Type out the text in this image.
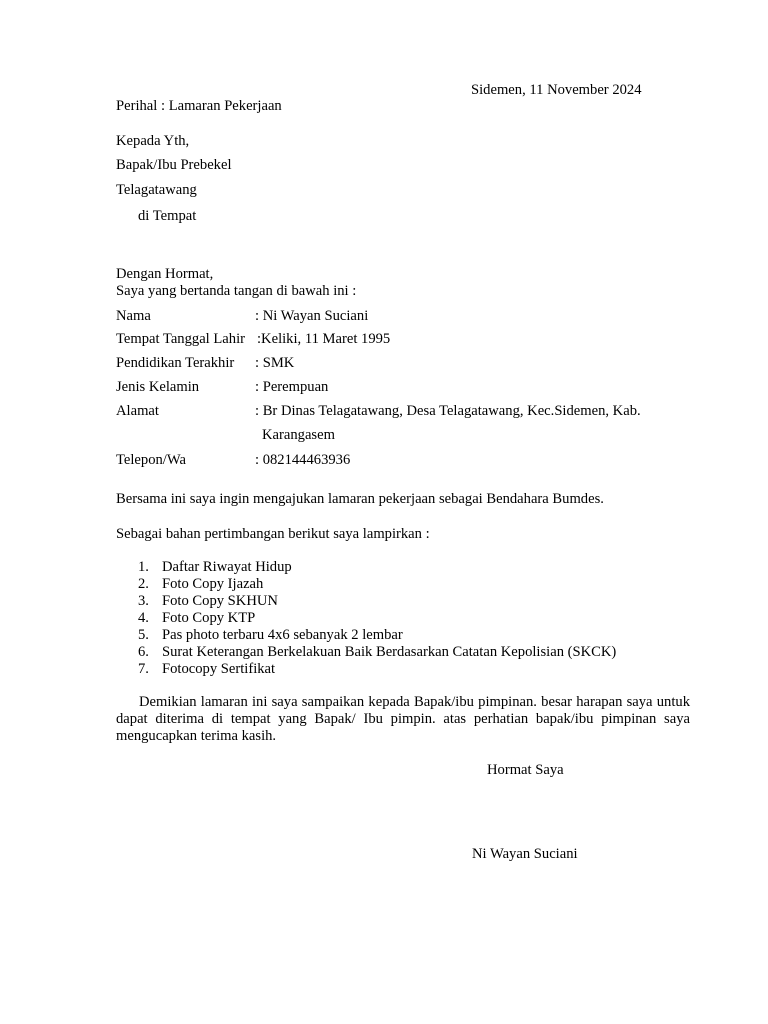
Sidemen, 11 November 2024
Perihal : Lamaran Pekerjaan
Kepada Yth,
Bapak/Ibu Prebekel
Telagatawang
di Tempat
Dengan Hormat,
Saya yang bertanda tangan di bawah ini :
Nama	: Ni Wayan Suciani
Tempat Tanggal Lahir :Keliki, 11 Maret 1995
Pendidikan Terakhir : SMK
Jenis Kelamin	: Perempuan
Alamat	: Br Dinas Telagatawang, Desa Telagatawang, Kec.Sidemen, Kab.
Karangasem
Telepon/Wa	: 082144463936
Bersama ini saya ingin mengajukan lamaran pekerjaan sebagai Bendahara Bumdes.
Sebagai bahan pertimbangan berikut saya lampirkan :
1. Daftar Riwayat Hidup
2. Foto Copy Ijazah
3. Foto Copy SKHUN
4. Foto Copy KTP
5. Pas photo terbaru 4x6 sebanyak 2 lembar
6. Surat Keterangan Berkelakuan Baik Berdasarkan Catatan Kepolisian (SKCK)
7. Fotocopy Sertifikat
Demikian lamaran ini saya sampaikan kepada Bapak/ibu pimpinan. besar harapan saya untuk dapat diterima di tempat yang Bapak/ Ibu pimpin. atas perhatian bapak/ibu pimpinan saya mengucapkan terima kasih.
Hormat Saya
Ni Wayan Suciani
